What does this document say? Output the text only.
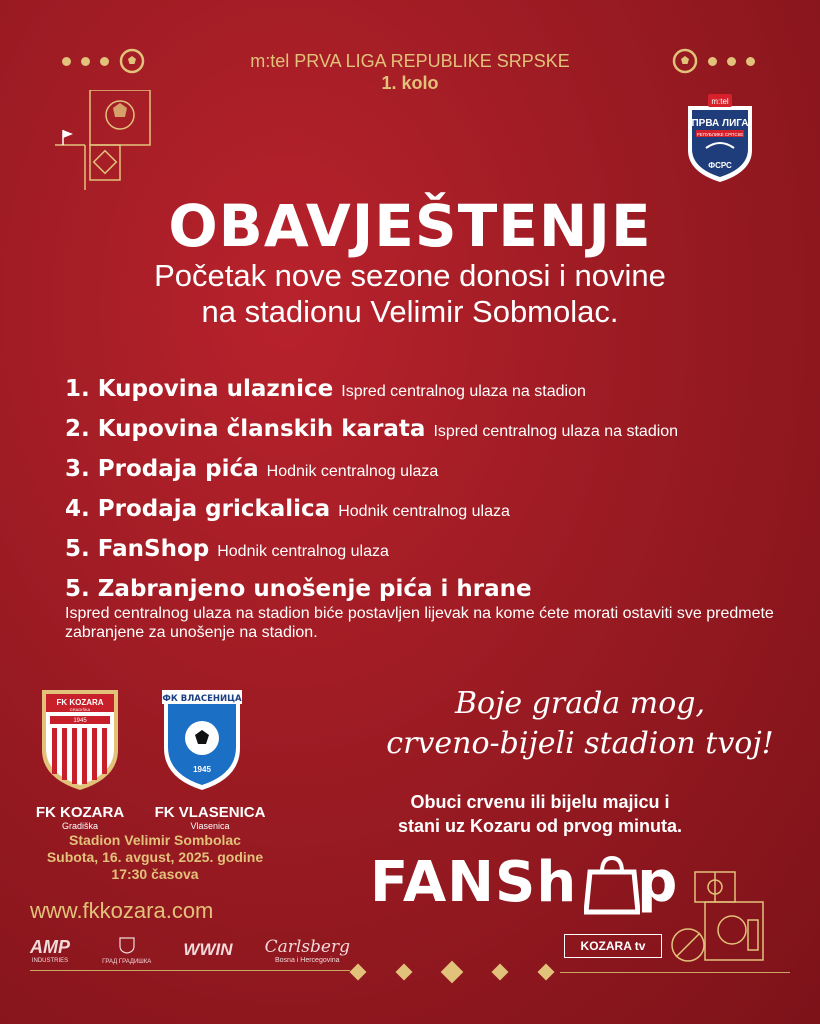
m:tel PRVA LIGA REPUBLIKE SRPSKE
1. kolo
m:tel
ПРВА ЛИГА
РЕПУБЛИКЕ СРПСКЕ
ФСРС
OBAVJEŠTENJE
Početak nove sezone donosi i novine
na stadionu Velimir Sobmolac.
1. Kupovina ulaznice Ispred centralnog ulaza na stadion
2. Kupovina članskih karata Ispred centralnog ulaza na stadion
3. Prodaja pića Hodnik centralnog ulaza
4. Prodaja grickalica Hodnik centralnog ulaza
5. FanShop Hodnik centralnog ulaza
5. Zabranjeno unošenje pića i hrane
Ispred centralnog ulaza na stadion biće postavljen lijevak na kome ćete morati ostaviti sve predmete zabranjene za unošenje na stadion.
FK KOZARA
GRADIŠKA
1945
ФК ВЛАСЕНИЦА
1945
FK KOZARA
Gradiška
FK VLASENICA
Vlasenica
Stadion Velimir Sombolac
Subota, 16. avgust, 2025. godine
17:30 časova
www.fkkozara.com
AMP
INDUSTRIES	ГРАД ГРАДИШКА
WWIN Carlsberg
Bosna i Hercegovina
Boje grada mog,
crveno-bijeli stadion tvoj!
Obuci crvenu ili bijelu majicu i
stani uz Kozaru od prvog minuta.
FANSh p
KOZARA tv
